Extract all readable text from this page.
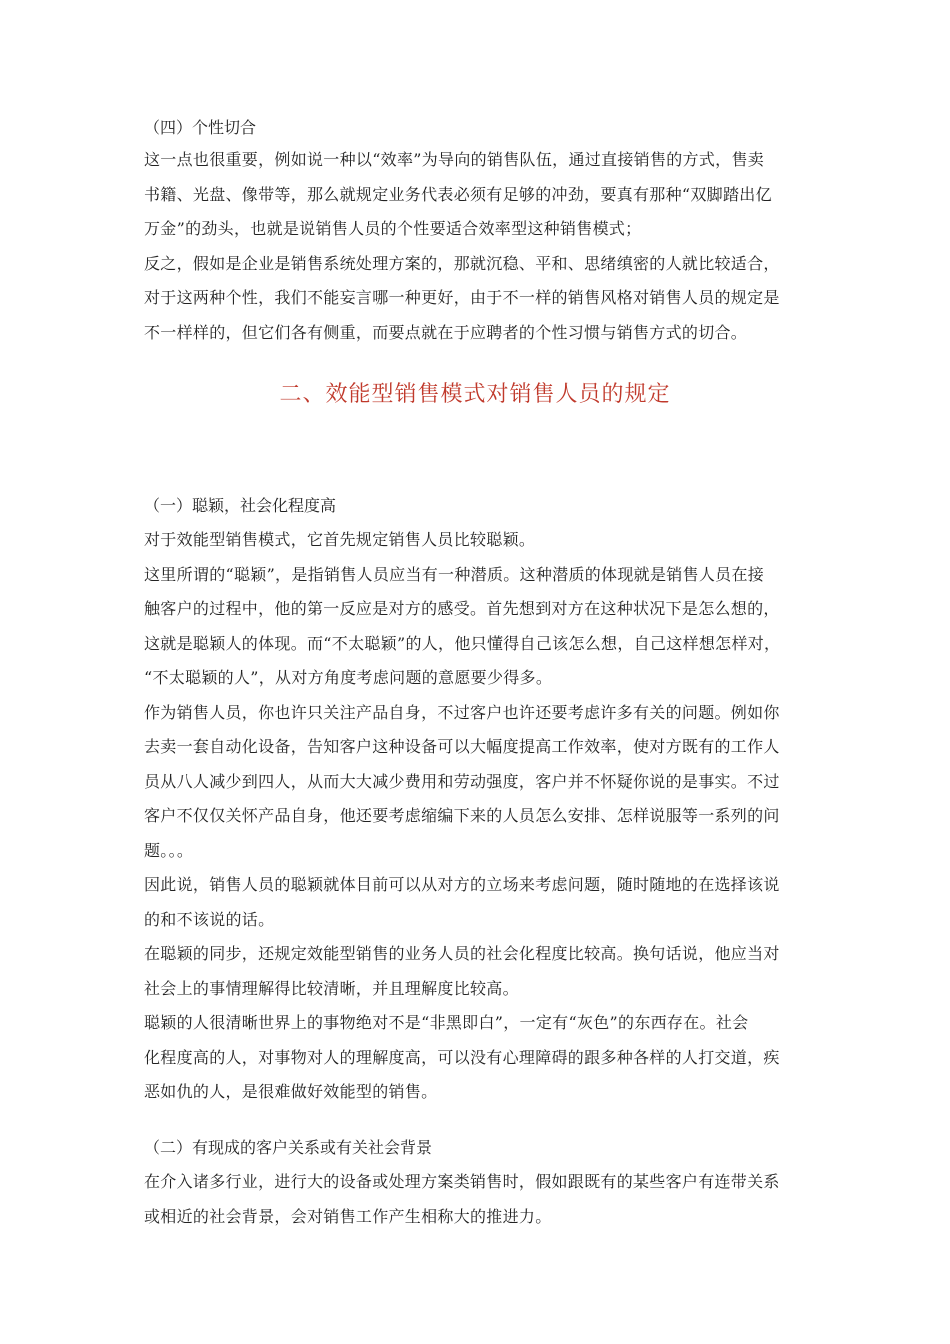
（四）个性切合
这一点也很重要，例如说一种以“效率”为导向的销售队伍，通过直接销售的方式，售卖
书籍、光盘、像带等，那么就规定业务代表必须有足够的冲劲，要真有那种“双脚踏出亿
万金”的劲头，也就是说销售人员的个性要适合效率型这种销售模式；
反之，假如是企业是销售系统处理方案的，那就沉稳、平和、思绪缜密的人就比较适合，
对于这两种个性，我们不能妄言哪一种更好，由于不一样的销售风格对销售人员的规定是
不一样样的，但它们各有侧重，而要点就在于应聘者的个性习惯与销售方式的切合。
二、效能型销售模式对销售人员的规定
（一）聪颖，社会化程度高
对于效能型销售模式，它首先规定销售人员比较聪颖。
这里所谓的“聪颖”，是指销售人员应当有一种潜质。这种潜质的体现就是销售人员在接
触客户的过程中，他的第一反应是对方的感受。首先想到对方在这种状况下是怎么想的，
这就是聪颖人的体现。而“不太聪颖”的人，他只懂得自己该怎么想，自己这样想怎样对，
“不太聪颖的人”，从对方角度考虑问题的意愿要少得多。
作为销售人员，你也许只关注产品自身，不过客户也许还要考虑许多有关的问题。例如你
去卖一套自动化设备，告知客户这种设备可以大幅度提高工作效率，使对方既有的工作人
员从八人减少到四人，从而大大减少费用和劳动强度，客户并不怀疑你说的是事实。不过
客户不仅仅关怀产品自身，他还要考虑缩编下来的人员怎么安排、怎样说服等一系列的问
题。。。
因此说，销售人员的聪颖就体目前可以从对方的立场来考虑问题，随时随地的在选择该说
的和不该说的话。
在聪颖的同步，还规定效能型销售的业务人员的社会化程度比较高。换句话说，他应当对
社会上的事情理解得比较清晰，并且理解度比较高。
聪颖的人很清晰世界上的事物绝对不是“非黑即白”，一定有“灰色”的东西存在。社会
化程度高的人，对事物对人的理解度高，可以没有心理障碍的跟多种各样的人打交道，疾
恶如仇的人，是很难做好效能型的销售。
（二）有现成的客户关系或有关社会背景
在介入诸多行业，进行大的设备或处理方案类销售时，假如跟既有的某些客户有连带关系
或相近的社会背景，会对销售工作产生相称大的推进力。
